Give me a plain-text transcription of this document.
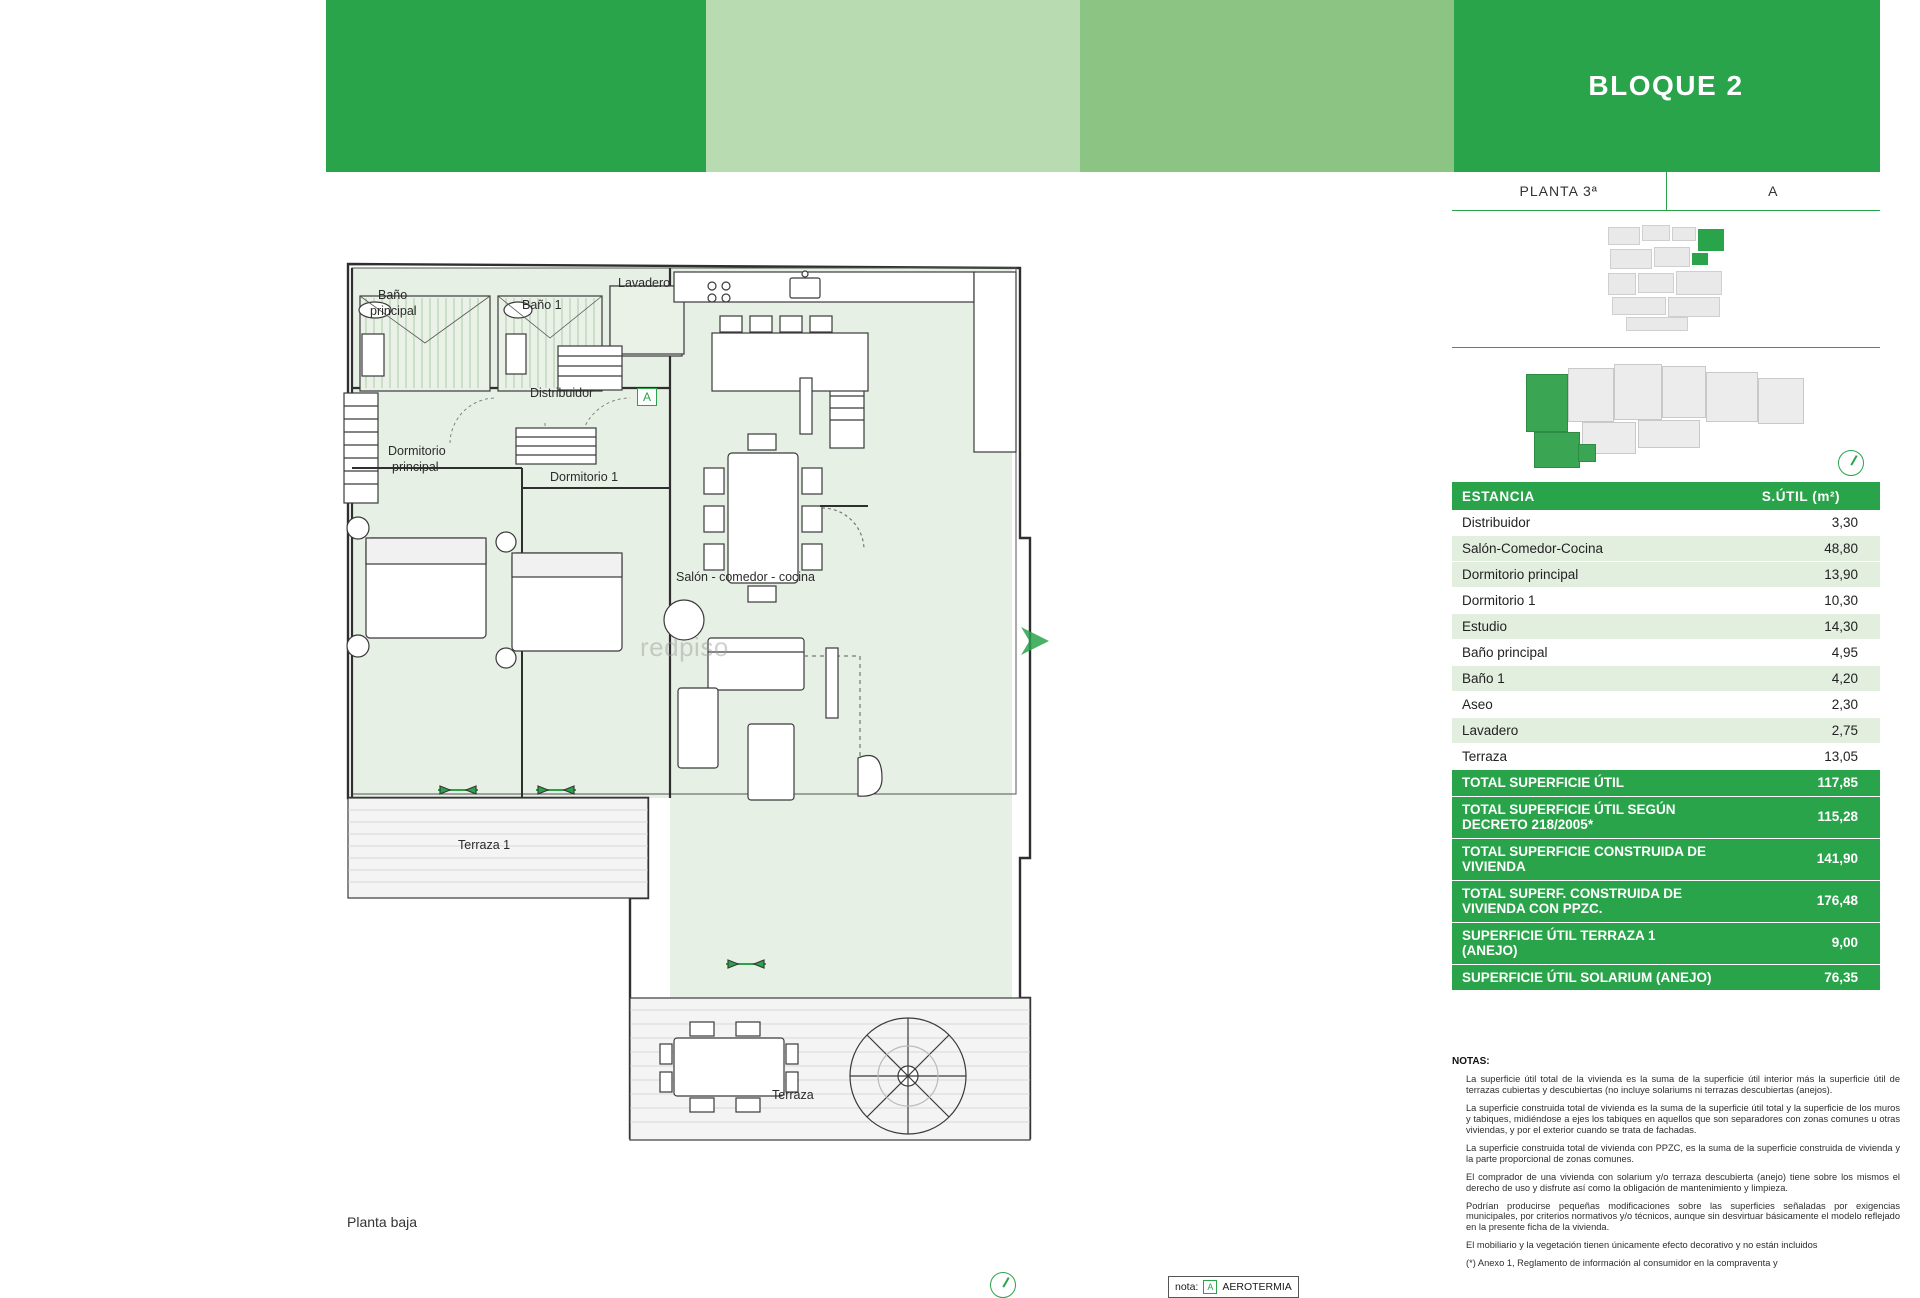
BLOQUE 2
PLANTA 3ª	A
ESTANCIA	S.ÚTIL (m²)
Distribuidor	3,30
Salón-Comedor-Cocina	48,80
Dormitorio principal	13,90
Dormitorio 1	10,30
Estudio	14,30
Baño principal	4,95
Baño 1	4,20
Aseo	2,30
Lavadero	2,75
Terraza	13,05
TOTAL SUPERFICIE ÚTIL	117,85
TOTAL SUPERFICIE ÚTIL SEGÚN DECRETO 218/2005*	115,28
TOTAL SUPERFICIE CONSTRUIDA DE VIVIENDA	141,90
TOTAL SUPERF. CONSTRUIDA DE VIVIENDA CON PPZC.	176,48
SUPERFICIE ÚTIL TERRAZA 1 (ANEJO)	9,00
SUPERFICIE ÚTIL SOLARIUM (ANEJO)	76,35
NOTAS:

La superficie útil total de la vivienda es la suma de la superficie útil interior más la superficie útil de terrazas cubiertas y descubiertas (no incluye solariums ni terrazas descubiertas (anejos).

La superficie construida total de vivienda es la suma de la superficie útil total y la superficie de los muros y tabiques, midiéndose a ejes los tabiques en aquellos que son separadores con zonas comunes u otras viviendas, y por el exterior cuando se trata de fachadas.

La superficie construida total de vivienda con PPZC, es la suma de la superficie construida de vivienda y la parte proporcional de zonas comunes.

El comprador de una vivienda con solarium y/o terraza descubierta (anejo) tiene sobre los mismos el derecho de uso y disfrute así como la obligación de mantenimiento y limpieza.

Podrían producirse pequeñas modificaciones sobre las superficies señaladas por exigencias municipales, por criterios normativos y/o técnicos, aunque sin desvirtuar básicamente el modelo reflejado en la presente ficha de la vivienda.

El mobiliario y la vegetación tienen únicamente efecto decorativo y no están incluidos

(*) Anexo 1, Reglamento de información al consumidor en la compraventa y

Baño
principal	Baño 1
Lavadero
Distribuidor
Dormitorio
principal
Dormitorio 1
Salón - comedor - cocina
Terraza 1
Terraza
A
redpiso
Planta baja
nota:	A AEROTERMIA
